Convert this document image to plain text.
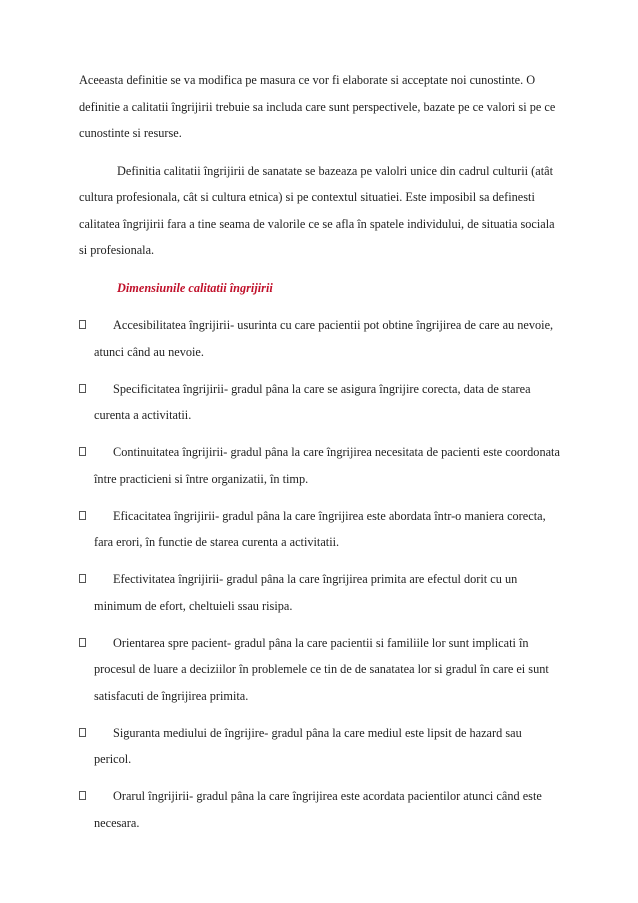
Aceeasta definitie se va modifica pe masura ce vor fi elaborate si acceptate noi cunostinte. O definitie a calitatii îngrijirii trebuie sa includa care sunt perspectivele, bazate pe ce valori si pe ce cunostinte si resurse.

Definitia calitatii îngrijirii de sanatate se bazeaza pe valolri unice din cadrul culturii (atât cultura profesionala, cât si cultura etnica) si pe contextul situatiei. Este imposibil sa definesti calitatea îngrijirii fara a tine seama de valorile ce se afla în spatele individului, de situatia sociala si profesionala.

Dimensiunile calitatii îngrijirii

Accesibilitatea îngrijirii- usurinta cu care pacientii pot obtine îngrijirea de care au nevoie, atunci când au nevoie.
Specificitatea îngrijirii- gradul pâna la care se asigura îngrijire corecta, data de starea curenta a activitatii.
Continuitatea îngrijirii- gradul pâna la care îngrijirea necesitata de pacienti este coordonata între practicieni si între organizatii, în timp.
Eficacitatea îngrijirii- gradul pâna la care îngrijirea este abordata într-o maniera corecta, fara erori, în functie de starea curenta a activitatii.
Efectivitatea îngrijirii- gradul pâna la care îngrijirea primita are efectul dorit cu un minimum de efort, cheltuieli ssau risipa.
Orientarea spre pacient- gradul pâna la care pacientii si familiile lor sunt implicati în procesul de luare a deciziilor în problemele ce tin de de sanatatea lor si gradul în care ei sunt satisfacuti de îngrijirea primita.
Siguranta mediului de îngrijire- gradul pâna la care mediul este lipsit de hazard sau pericol.
Orarul îngrijirii- gradul pâna la care îngrijirea este acordata pacientilor atunci când este necesara.
